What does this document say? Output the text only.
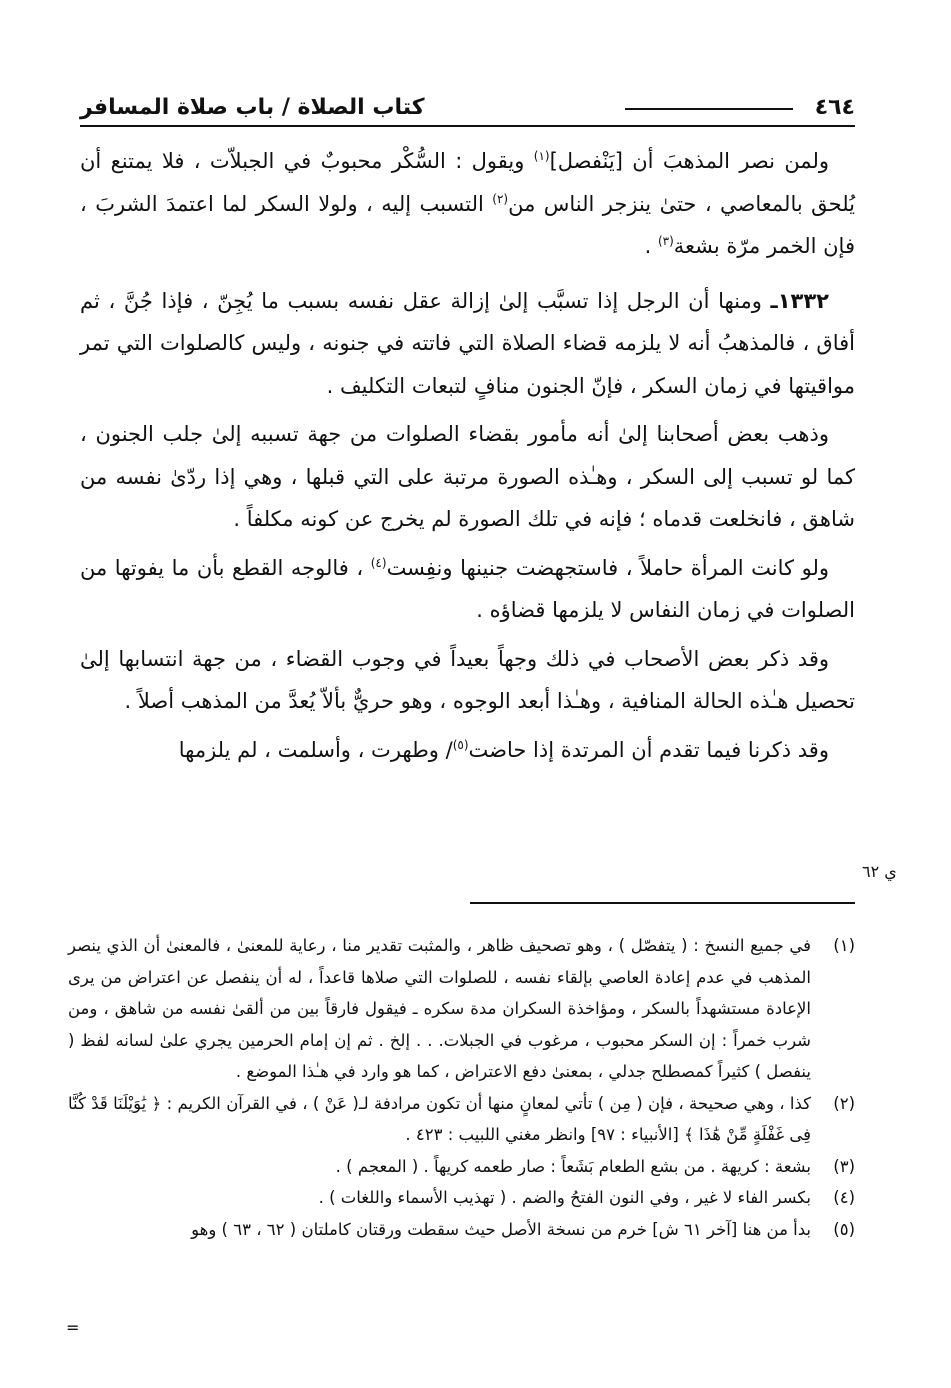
٤٦٤
كتاب الصلاة / باب صلاة المسافر

ولمن نصر المذهبَ أن [يَنْفصل]$^{(١)}$ ويقول : السُّكْر محبوبٌ في الجبلاّت ، فلا يمتنع أن يُلحق بالمعاصي ، حتىٰ ينزجر الناس من$^{(٢)}$ التسبب إليه ، ولولا السكر لما اعتمدَ الشربَ ، فإن الخمر مرّة بشعة$^{(٣)}$ .

١٣٣٢ـ ومنها أن الرجل إذا تسبَّب إلىٰ إزالة عقل نفسه بسبب ما يُجِنّ ، فإذا جُنَّ ، ثم أفاق ، فالمذهبُ أنه لا يلزمه قضاء الصلاة التي فاتته في جنونه ، وليس كالصلوات التي تمر مواقيتها في زمان السكر ، فإنّ الجنون منافٍ لتبعات التكليف .

وذهب بعض أصحابنا إلىٰ أنه مأمور بقضاء الصلوات من جهة تسببه إلىٰ جلب الجنون ، كما لو تسبب إلى السكر ، وهـٰذه الصورة مرتبة على التي قبلها ، وهي إذا ردّىٰ نفسه من شاهق ، فانخلعت قدماه ؛ فإنه في تلك الصورة لم يخرج عن كونه مكلفاً .

ولو كانت المرأة حاملاً ، فاستجهضت جنينها ونفِست$^{(٤)}$ ، فالوجه القطع بأن ما يفوتها من الصلوات في زمان النفاس لا يلزمها قضاؤه .

وقد ذكر بعض الأصحاب في ذلك وجهاً بعيداً في وجوب القضاء ، من جهة انتسابها إلىٰ تحصيل هـٰذه الحالة المنافية ، وهـٰذا أبعد الوجوه ، وهو حريٌّ بألاّ يُعدَّ من المذهب أصلاً .

وقد ذكرنا فيما تقدم أن المرتدة إذا حاضت$^{(٥)}$/ وطهرت ، وأسلمت ، لم يلزمها

ي ٦٢
(١)
في جميع النسخ : ( يتفصّل ) ، وهو تصحيف ظاهر ، والمثبت تقدير منا ، رعاية للمعنىٰ ، فالمعنىٰ أن الذي ينصر المذهب في عدم إعادة العاصي بإلقاء نفسه ، للصلوات التي صلاها قاعداً ، له أن ينفصل عن اعتراض من يرى الإعادة مستشهداً بالسكر ، ومؤاخذة السكران مدة سكره ـ فيقول فارقاً بين من ألقىٰ نفسه من شاهق ، ومن شرب خمراً : إن السكر محبوب ، مرغوب في الجبلات. . . إلخ . ثم إن إمام الحرمين يجري علىٰ لسانه لفظ ( ينفصل ) كثيراً كمصطلح جدلي ، بمعنىٰ دفع الاعتراض ، كما هو وارد في هـٰذا الموضع .
(٢)
كذا ، وهي صحيحة ، فإن ( مِن ) تأتي لمعانٍ منها أن تكون مرادفة لـ( عَنْ ) ، في القرآن الكريم : ﴿ يَٰوَيْلَنَا قَدْ كُنَّا فِى غَفْلَةٍ مِّنْ هَٰذَا ﴾ [الأنبياء : ٩٧] وانظر مغني اللبيب : ٤٢٣ .
(٣)
بشعة : كريهة . من بشع الطعام بَشَعاً : صار طعمه كريهاً . ( المعجم ) .
(٤)
بكسر الفاء لا غير ، وفي النون الفتحُ والضم . ( تهذيب الأسماء واللغات ) .
(٥)
بدأ من هنا [آخر ٦١ ش] خرم من نسخة الأصل حيث سقطت ورقتان كاملتان ( ٦٢ ، ٦٣ ) وهو
=
